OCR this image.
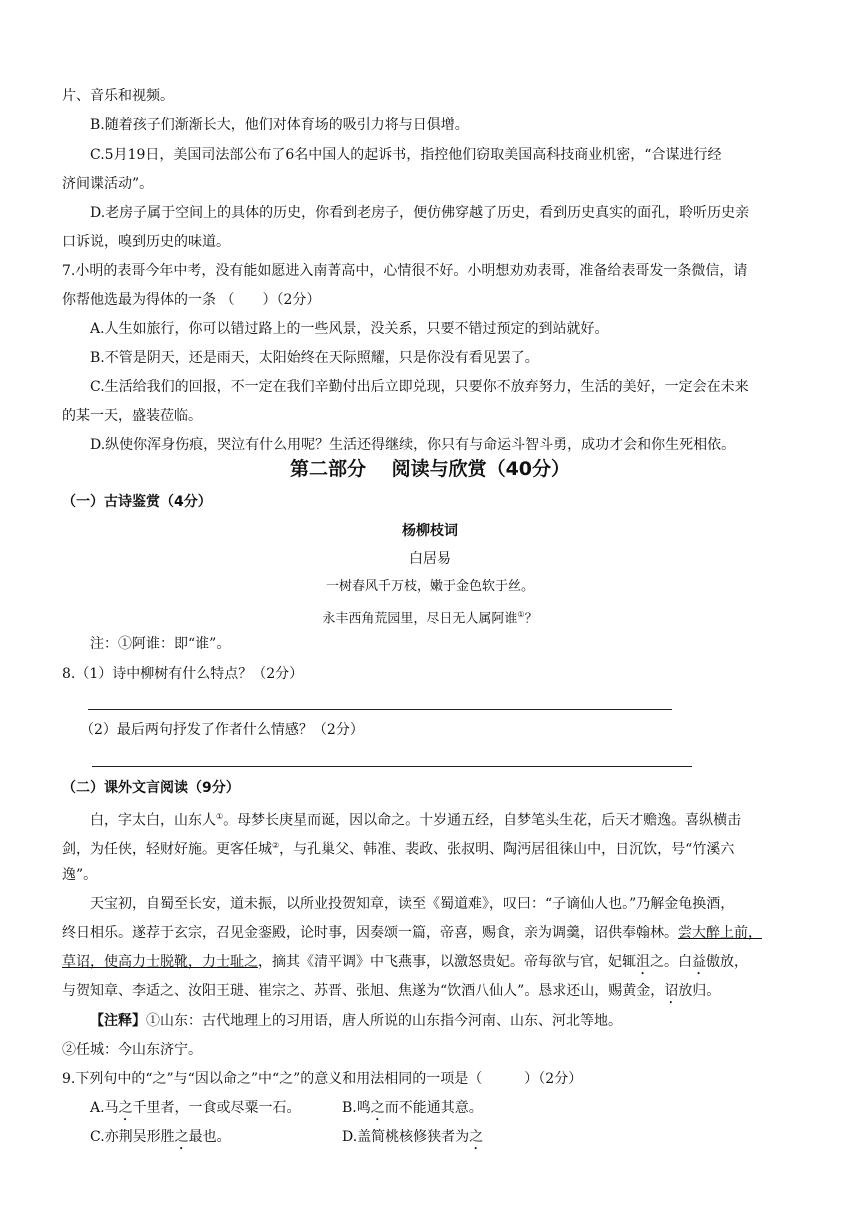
片、音乐和视频。
B.随着孩子们渐渐长大，他们对体育场的吸引力将与日俱增。
C.5月19日，美国司法部公布了6名中国人的起诉书，指控他们窃取美国高科技商业机密，“合谋进行经
济间谍活动”。
D.老房子属于空间上的具体的历史，你看到老房子，便仿佛穿越了历史，看到历史真实的面孔，聆听历史亲
口诉说，嗅到历史的味道。
7.小明的表哥今年中考，没有能如愿进入南菁高中，心情很不好。小明想劝劝表哥，准备给表哥发一条微信，请
你帮他选最为得体的一条 （　　）（2分）
A.人生如旅行，你可以错过路上的一些风景，没关系，只要不错过预定的到站就好。
B.不管是阴天，还是雨天，太阳始终在天际照耀，只是你没有看见罢了。
C.生活给我们的回报，不一定在我们辛勤付出后立即兑现，只要你不放弃努力，生活的美好，一定会在未来
的某一天，盛装莅临。
D.纵使你浑身伤痕，哭泣有什么用呢？生活还得继续，你只有与命运斗智斗勇，成功才会和你生死相依。
第二部分　 阅读与欣赏（40分）
（一）古诗鉴赏（4分）
杨柳枝词
白居易
一树春风千万枝，嫩于金色软于丝。
永丰西角荒园里，尽日无人属阿谁①？
注：①阿谁：即“谁”。
8.（1）诗中柳树有什么特点？（2分）
（2）最后两句抒发了作者什么情感？（2分）
（二）课外文言阅读（9分）
白，字太白，山东人①。母梦长庚星而诞，因以命之。十岁通五经，自梦笔头生花，后天才赡逸。喜纵横击
剑，为任侠，轻财好施。更客任城②，与孔巢父、韩准、裴政、张叔明、陶沔居徂徕山中，日沉饮，号“竹溪六
逸”。
天宝初，自蜀至长安，道未振，以所业投贺知章，读至《蜀道难》，叹曰：“子谪仙人也。”乃解金龟换酒，
终日相乐。遂荐于玄宗，召见金銮殿，论时事，因奏颂一篇，帝喜，赐食，亲为调羹，诏供奉翰林。尝大醉上前，
草诏，使高力士脱靴，力士耻之，摘其《清平调》中飞燕事，以激怒贵妃。帝每欲与官，妃辄沮之。白益傲放，
与贺知章、李适之、汝阳王琎、崔宗之、苏晋、张旭、焦遂为“饮酒八仙人”。恳求还山，赐黄金，诏放归。
【注释】①山东：古代地理上的习用语，唐人所说的山东指今河南、山东、河北等地。
②任城：今山东济宁。
9.下列句中的“之”与“因以命之”中“之”的意义和用法相同的一项是（　　　）（2分）
A.马之千里者，一食或尽粟一石。	B.鸣之而不能通其意。
C.亦荆吴形胜之最也。	D.盖简桃核修狭者为之
